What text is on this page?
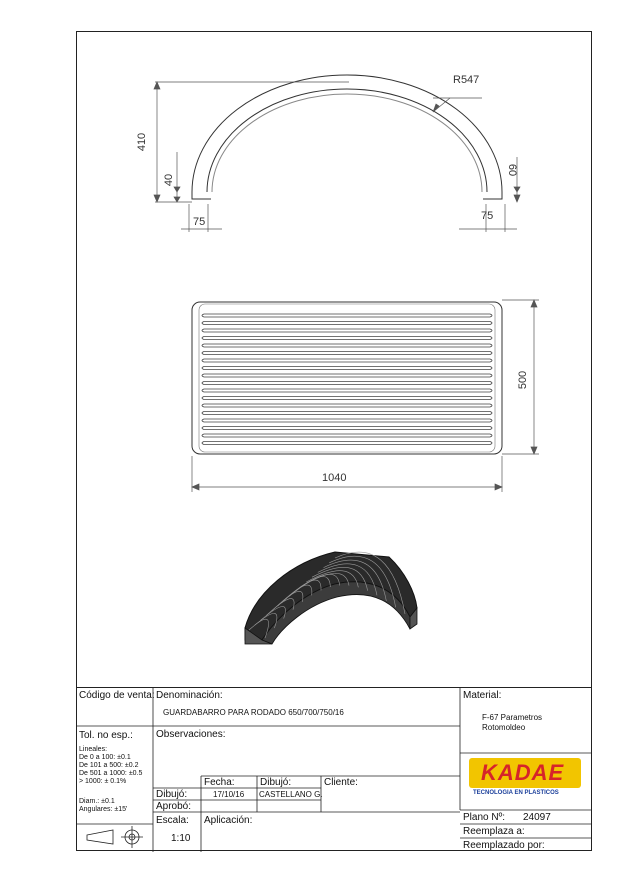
R547
410
40
60
75	75
500
1040
Código de venta: Denominación:
GUARDABARRO PARA RODADO 650/700/750/16
Material:
F-67 Parametros
Rotomoldeo
Tol. no esp.:
Lineales:
De 0 a 100: ±0.1
De 101 a 500: ±0.2
De 501 a 1000: ±0.5
> 1000: ± 0.1%
Diam.: ±0.1
Angulares: ±15'
Observaciones:
Fecha:	Dibujó:	Cliente:
Dibujó:	17/10/16 CASTELLANO G.
Aprobó:
Escala:
1:10
Aplicación:
KADAE
TECNOLOGIA EN PLASTICOS
Plano Nº: 24097
Reemplaza a:
Reemplazado por:
